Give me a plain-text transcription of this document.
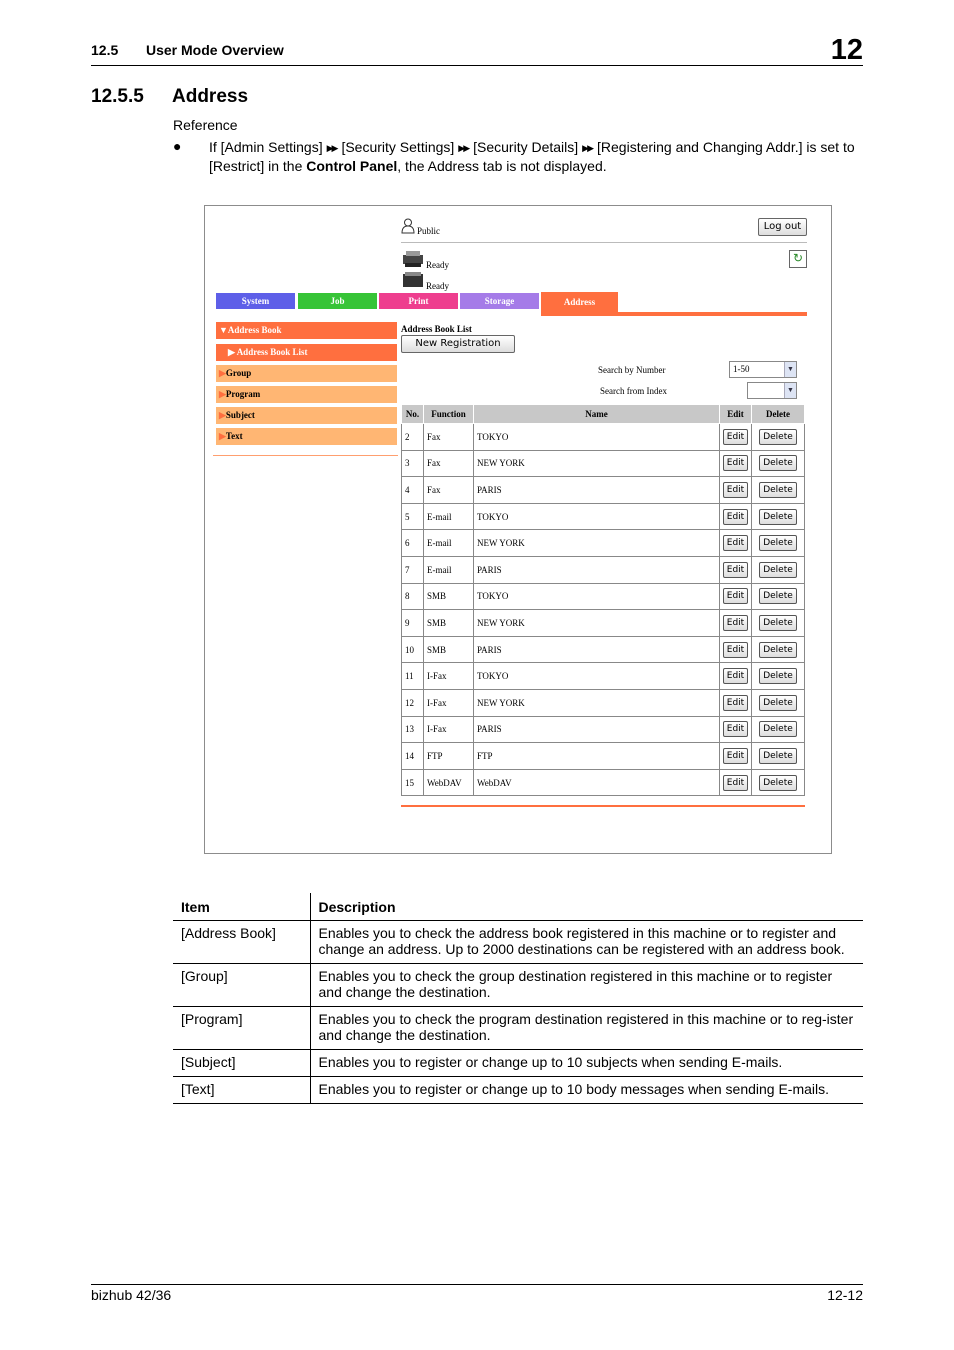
12.5 User Mode Overview	12
12.5.5 Address
Reference
● If [Admin Settings] ▶▶ [Security Settings] ▶▶ [Security Details] ▶▶ [Registering and Changing Addr.] is set to [Restrict] in the Control Panel, the Address tab is not displayed.
Public	Log out
Ready
Ready
↻
System	Job	Print	Storage	Address
▼Address Book
▶ Address Book List
▶Group
▶Program
▶Subject
▶Text
Address Book List
New Registration
Search by Number	1-50	▼
Search from Index	▼
No.	Function	Name	Edit	Delete
2	Fax	TOKYO	Edit	Delete
3	Fax	NEW YORK	Edit	Delete
4	Fax	PARIS	Edit	Delete
5	E-mail	TOKYO	Edit	Delete
6	E-mail	NEW YORK	Edit	Delete
7	E-mail	PARIS	Edit	Delete
8	SMB	TOKYO	Edit	Delete
9	SMB	NEW YORK	Edit	Delete
10	SMB	PARIS	Edit	Delete
11	I-Fax	TOKYO	Edit	Delete
12	I-Fax	NEW YORK	Edit	Delete
13	I-Fax	PARIS	Edit	Delete
14	FTP	FTP	Edit	Delete
15	WebDAV	WebDAV	Edit	Delete
Item	Description
[Address Book]	Enables you to check the address book registered in this machine or to register and change an address. Up to 2000 destinations can be registered with an address book.
[Group]	Enables you to check the group destination registered in this machine or to register and change the destination.
[Program]	Enables you to check the program destination registered in this machine or to reg-ister and change the destination.
[Subject]	Enables you to register or change up to 10 subjects when sending E-mails.
[Text]	Enables you to register or change up to 10 body messages when sending E-mails.
bizhub 42/36	12-12
